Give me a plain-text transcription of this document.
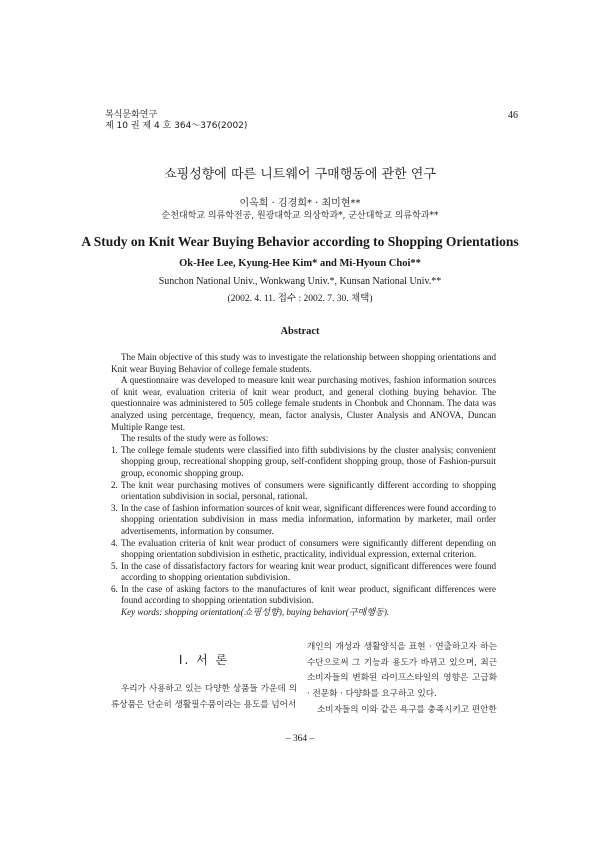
복식문화연구
제 10 권 제 4 호 364～376(2002)
46
쇼핑성향에 따른 니트웨어 구매행동에 관한 연구
이옥희 · 김경희* · 최미현**
순천대학교 의류학전공, 원광대학교 의상학과*, 군산대학교 의류학과**
A Study on Knit Wear Buying Behavior according to Shopping Orientations
Ok-Hee Lee, Kyung-Hee Kim* and Mi-Hyoun Choi**
Sunchon National Univ., Wonkwang Univ.*, Kunsan National Univ.**
(2002. 4. 11. 접수 : 2002. 7. 30. 채택)
Abstract

The Main objective of this study was to investigate the relationship between shopping orientations and Knit wear Buying Behavior of college female students.

A questionnaire was developed to measure knit wear purchasing motives, fashion information sources of knit wear, evaluation criteria of knit wear product, and general clothing buying behavior. The questionnaire was administered to 505 college female students in Chonbuk and Chonnam. The data was analyzed using percentage, frequency, mean, factor analysis, Cluster Analysis and ANOVA, Duncan Multiple Range test.

The results of the study were as follows:

1. The college female students were classified into fifth subdivisions by the cluster analysis; convenient shopping group, recreational shopping group, self-confident shopping group, those of Fashion-pursuit group, economic shopping group.
2. The knit wear purchasing motives of consumers were significantly different according to shopping orientation subdivision in social, personal, rational.
3. In the case of fashion information sources of knit wear, significant differences were found according to shopping orientation subdivision in mass media information, information by marketer, mail order advertisements, information by consumer.
4. The evaluation criteria of knit wear product of consumers were significantly different depending on shopping orientation subdivision in esthetic, practicality, individual expression, external criterion.
5. In the case of dissatisfactory factors for wearing knit wear product, significant differences were found according to shopping orientation subdivision.
6. In the case of asking factors to the manufactures of knit wear product, significant differences were found according to shopping orientation subdivision.

Key words: shopping orientation(쇼핑성향), buying behavior(구매행동).

Ⅰ. 서 론

우리가 사용하고 있는 다양한 상품들 가운데 의류상품은 단순히 생활필수품이라는 용도를 넘어서

개인의 개성과 생활양식을 표현 · 연출하고자 하는 수단으로써 그 기능과 용도가 바뀌고 있으며, 최근 소비자들의 변화된 라이프스타일의 영향은 고급화 · 전문화 · 다양화를 요구하고 있다.

소비자들의 이와 같은 욕구를 충족시키고 편안한

– 364 –
